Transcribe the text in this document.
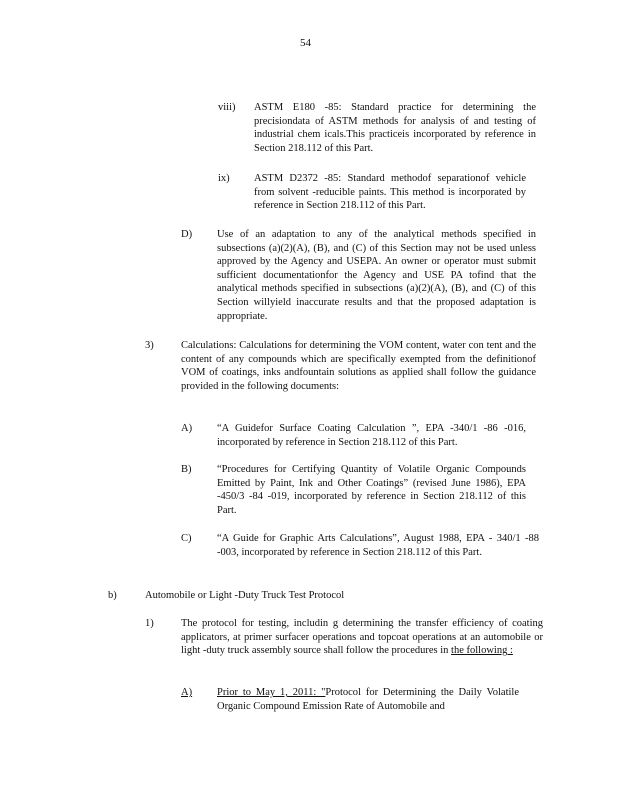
54
viii) ASTM E180 -85: Standard practice for determining the precisiondata of ASTM methods for analysis of and testing of industrial chem icals.This practiceis incorporated by reference in Section 218.112 of this Part.
ix) ASTM D2372 -85: Standard methodof separationof vehicle from solvent -reducible paints. This method is incorporated by reference in Section 218.112 of this Part.
D) Use of an adaptation to any of the analytical methods specified in subsections (a)(2)(A), (B), and (C) of this Section may not be used unless approved by the Agency and USEPA. An owner or operator must submit sufficient documentationfor the Agency and USE PA tofind that the analytical methods specified in subsections (a)(2)(A), (B), and (C) of this Section willyield inaccurate results and that the proposed adaptation is appropriate.
3)	Calculations: Calculations for determining the VOM content, water con tent and the content of any compounds which are specifically exempted from the definitionof VOM of coatings, inks andfountain solutions as applied shall follow the guidance provided in the following documents:
A) “A Guidefor Surface Coating Calculation ”, EPA -340/1 -86 -016, incorporated by reference in Section 218.112 of this Part.
B) “Procedures for Certifying Quantity of Volatile Organic Compounds Emitted by Paint, Ink and Other Coatings” (revised June 1986), EPA -450/3 -84 -019, incorporated by reference in Section 218.112 of this Part.
C) “A Guide for Graphic Arts Calculations”, August 1988, EPA - 340/1 -88 -003, incorporated by reference in Section 218.112 of this Part.
b)	Automobile or Light -Duty Truck Test Protocol
1)	The protocol for testing, includin g determining the transfer efficiency of coating applicators, at primer surfacer operations and topcoat operations at an automobile or light -duty truck assembly source shall follow the procedures in the following :
A) Prior to May 1, 2011: "Protocol for Determining the Daily Volatile Organic Compound Emission Rate of Automobile and
